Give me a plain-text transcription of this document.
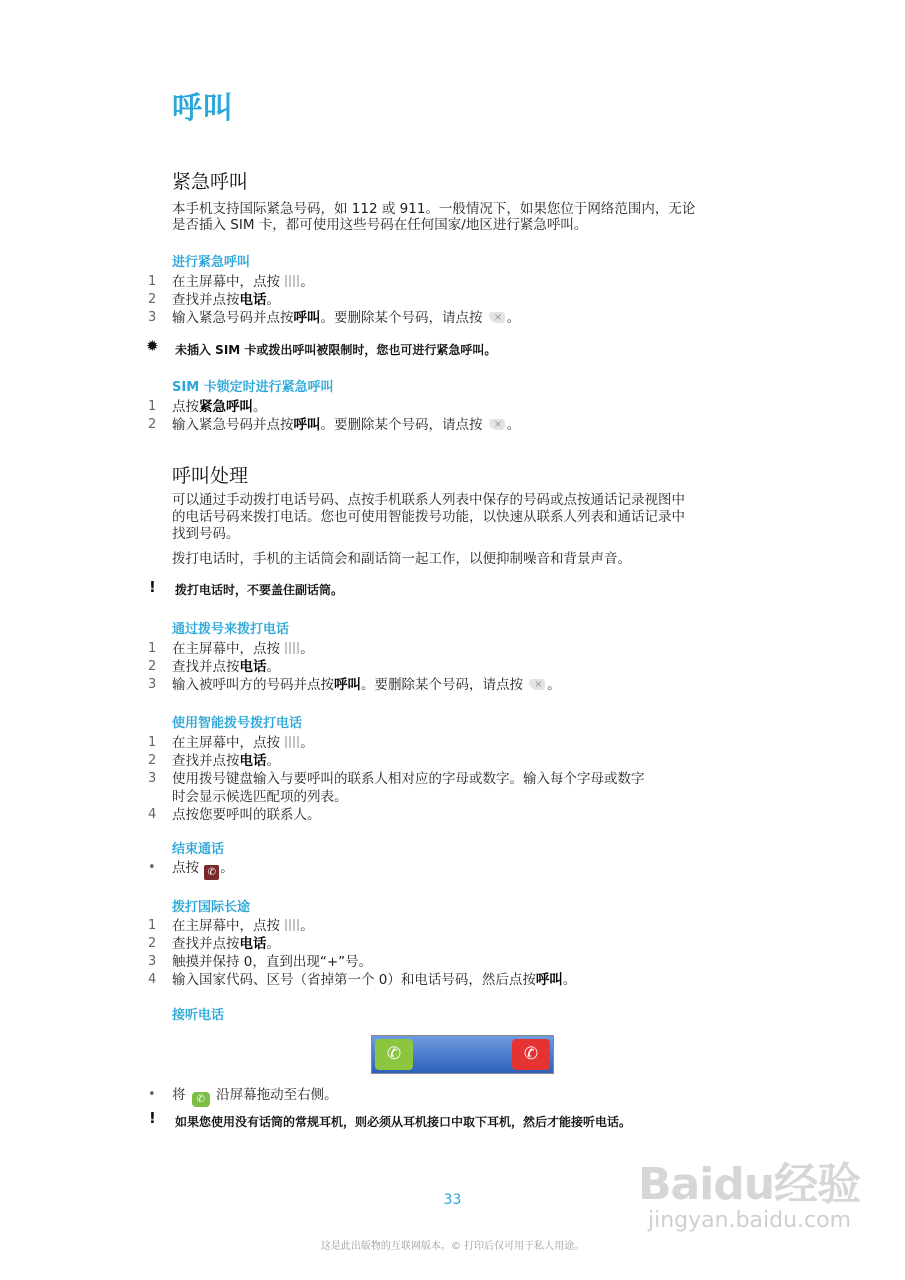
呼叫
紧急呼叫
本手机支持国际紧急号码，如 112 或 911。一般情况下，如果您位于网络范围内，无论
是否插入 SIM 卡，都可使用这些号码在任何国家/地区进行紧急呼叫。
进行紧急呼叫
1	在主屏幕中，点按 。
2	查找并点按电话。
3	输入紧急号码并点按呼叫。要删除某个号码，请点按 ×。
✹ 未插入 SIM 卡或拨出呼叫被限制时，您也可进行紧急呼叫。
SIM 卡锁定时进行紧急呼叫
1	点按紧急呼叫。
2	输入紧急号码并点按呼叫。要删除某个号码，请点按 ×。
呼叫处理
可以通过手动拨打电话号码、点按手机联系人列表中保存的号码或点按通话记录视图中
的电话号码来拨打电话。您也可使用智能拨号功能，以快速从联系人列表和通话记录中
找到号码。
拨打电话时，手机的主话筒会和副话筒一起工作，以便抑制噪音和背景声音。
! 拨打电话时，不要盖住副话筒。
通过拨号来拨打电话
1	在主屏幕中，点按 。
2	查找并点按电话。
3	输入被呼叫方的号码并点按呼叫。要删除某个号码，请点按 ×。
使用智能拨号拨打电话
1	在主屏幕中，点按 。
2	查找并点按电话。
3	使用拨号键盘输入与要呼叫的联系人相对应的字母或数字。输入每个字母或数字
时会显示候选匹配项的列表。
4	点按您要呼叫的联系人。
结束通话
•	点按 ✆ 。
拨打国际长途
1	在主屏幕中，点按 。
2	查找并点按电话。
3	触摸并保持 0，直到出现“+”号。
4	输入国家代码、区号（省掉第一个 0）和电话号码，然后点按呼叫。
接听电话
✆	✆
•	将 ✆ 沿屏幕拖动至右侧。
! 如果您使用没有话筒的常规耳机，则必须从耳机接口中取下耳机，然后才能接听电话。
Baidu经验
jingyan.baidu.com
33
这是此出版物的互联网版本。© 打印后仅可用于私人用途。
